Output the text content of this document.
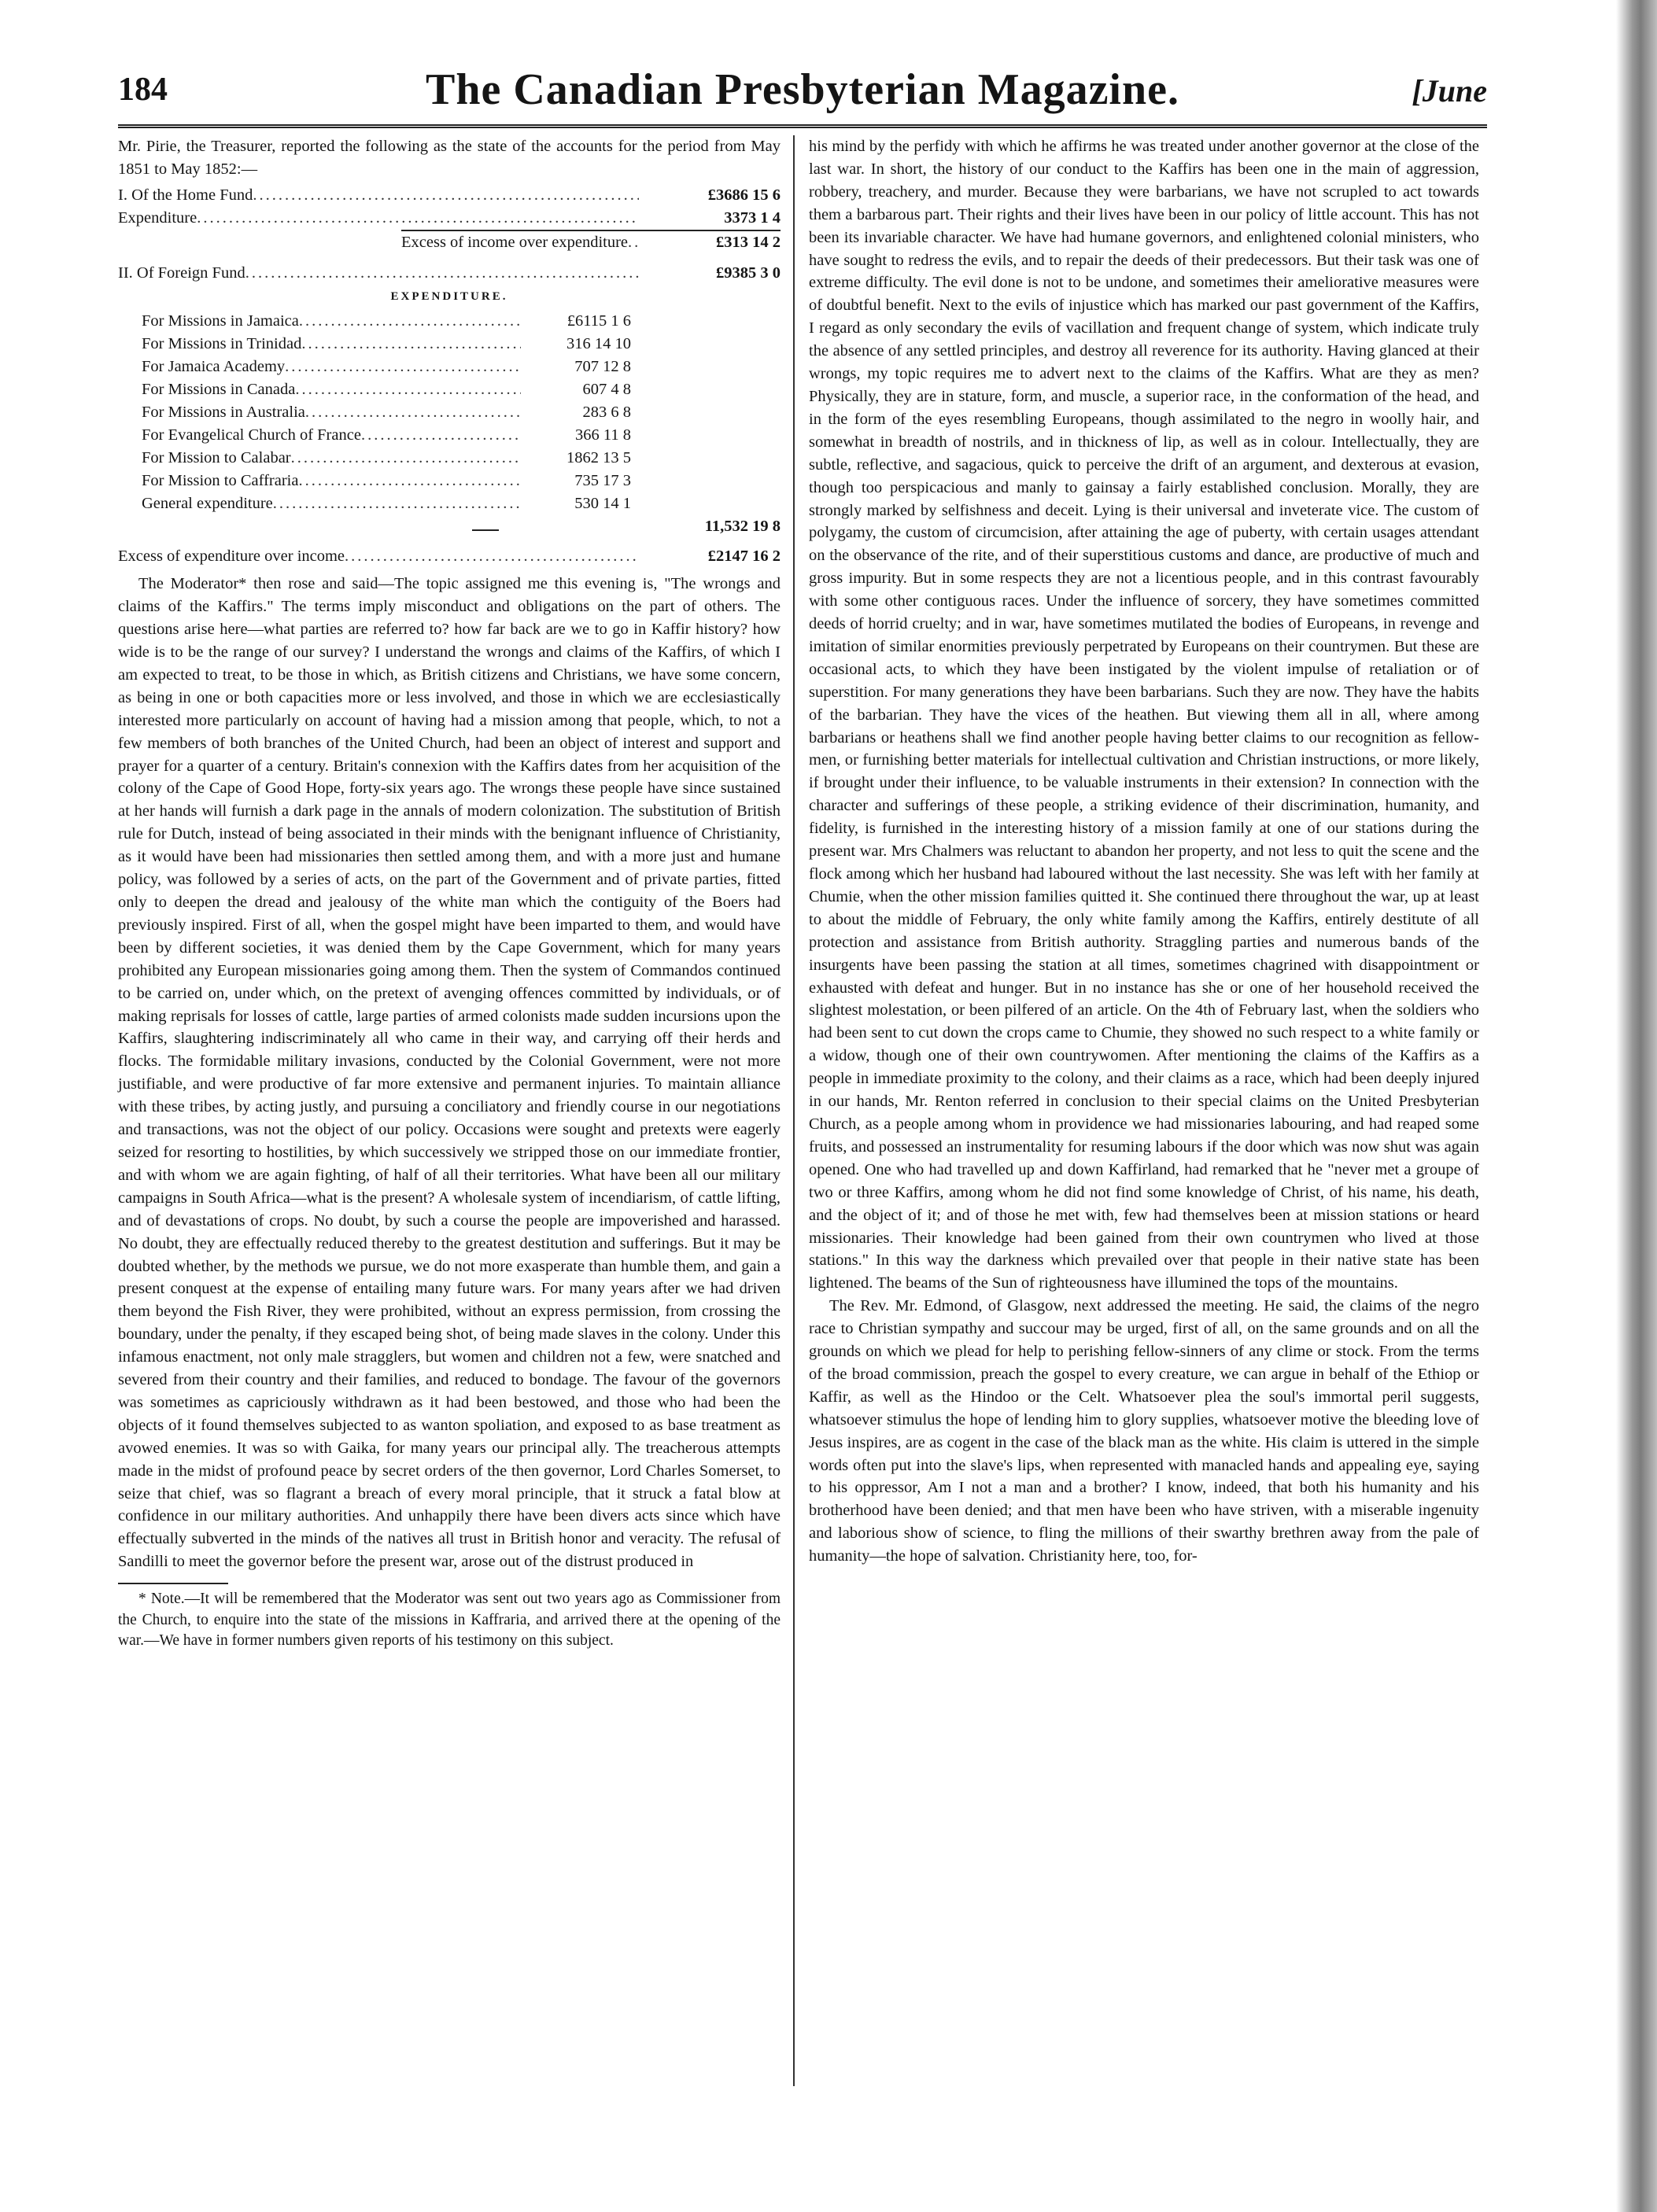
184	The Canadian Presbyterian Magazine.	[June

Mr. Pirie, the Treasurer, reported the following as the state of the accounts for the period from May 1851 to May 1852:—

I. Of the Home Fund .....	£3686 15 6
Expenditure .....	3373 1 4
Excess of income over expenditure .....	£313 14 2
II. Of Foreign Fund .....	£9385 3 0
EXPENDITURE.
For Missions in Jamaica .....	£6115 1 6
For Missions in Trinidad .....	316 14 10
For Jamaica Academy .....	707 12 8
For Missions in Canada .....	607 4 8
For Missions in Australia .....	283 6 8
For Evangelical Church of France .....	366 11 8
For Mission to Calabar .....	1862 13 5
For Mission to Caffraria .....	735 17 3
General expenditure .....	530 14 1
11,532 19 8
Excess of expenditure over income .....	£2147 16 2

The Moderator* then rose and said—The topic assigned me this evening is, "The wrongs and claims of the Kaffirs." The terms imply misconduct and obligations on the part of others. The questions arise here—what parties are referred to? how far back are we to go in Kaffir history? how wide is to be the range of our survey? I understand the wrongs and claims of the Kaffirs, of which I am expected to treat, to be those in which, as British citizens and Christians, we have some concern, as being in one or both capacities more or less involved, and those in which we are ecclesiastically interested more particularly on account of having had a mission among that people, which, to not a few members of both branches of the United Church, had been an object of interest and support and prayer for a quarter of a century. Britain's connexion with the Kaffirs dates from her acquisition of the colony of the Cape of Good Hope, forty-six years ago. The wrongs these people have since sustained at her hands will furnish a dark page in the annals of modern colonization. The substitution of British rule for Dutch, instead of being associated in their minds with the benignant influence of Christianity, as it would have been had missionaries then settled among them, and with a more just and humane policy, was followed by a series of acts, on the part of the Government and of private parties, fitted only to deepen the dread and jealousy of the white man which the contiguity of the Boers had previously inspired. First of all, when the gospel might have been imparted to them, and would have been by different societies, it was denied them by the Cape Government, which for many years prohibited any European missionaries going among them. Then the system of Commandos continued to be carried on, under which, on the pretext of avenging offences committed by individuals, or of making reprisals for losses of cattle, large parties of armed colonists made sudden incursions upon the Kaffirs, slaughtering indiscriminately all who came in their way, and carrying off their herds and flocks. The formidable military invasions, conducted by the Colonial Government, were not more justifiable, and were productive of far more extensive and permanent injuries. To maintain alliance with these tribes, by acting justly, and pursuing a conciliatory and friendly course in our negotiations and transactions, was not the object of our policy. Occasions were sought and pretexts were eagerly seized for resorting to hostilities, by which successively we stripped those on our immediate frontier, and with whom we are again fighting, of half of all their territories. What have been all our military campaigns in South Africa—what is the present? A wholesale system of incendiarism, of cattle lifting, and of devastations of crops. No doubt, by such a course the people are impoverished and harassed. No doubt, they are effectually reduced thereby to the greatest destitution and sufferings. But it may be doubted whether, by the methods we pursue, we do not more exasperate than humble them, and gain a present conquest at the expense of entailing many future wars. For many years after we had driven them beyond the Fish River, they were prohibited, without an express permission, from crossing the boundary, under the penalty, if they escaped being shot, of being made slaves in the colony. Under this infamous enactment, not only male stragglers, but women and children not a few, were snatched and severed from their country and their families, and reduced to bondage. The favour of the governors was sometimes as capriciously withdrawn as it had been bestowed, and those who had been the objects of it found themselves subjected to as wanton spoliation, and exposed to as base treatment as avowed enemies. It was so with Gaika, for many years our principal ally. The treacherous attempts made in the midst of profound peace by secret orders of the then governor, Lord Charles Somerset, to seize that chief, was so flagrant a breach of every moral principle, that it struck a fatal blow at confidence in our military authorities. And unhappily there have been divers acts since which have effectually subverted in the minds of the natives all trust in British honor and veracity. The refusal of Sandilli to meet the governor before the present war, arose out of the distrust produced in

* Note.—It will be remembered that the Moderator was sent out two years ago as Commissioner from the Church, to enquire into the state of the missions in Kaffraria, and arrived there at the opening of the war.—We have in former numbers given reports of his testimony on this subject.

his mind by the perfidy with which he affirms he was treated under another governor at the close of the last war. In short, the history of our conduct to the Kaffirs has been one in the main of aggression, robbery, treachery, and murder. Because they were barbarians, we have not scrupled to act towards them a barbarous part. Their rights and their lives have been in our policy of little account. This has not been its invariable character. We have had humane governors, and enlightened colonial ministers, who have sought to redress the evils, and to repair the deeds of their predecessors. But their task was one of extreme difficulty. The evil done is not to be undone, and sometimes their ameliorative measures were of doubtful benefit. Next to the evils of injustice which has marked our past government of the Kaffirs, I regard as only secondary the evils of vacillation and frequent change of system, which indicate truly the absence of any settled principles, and destroy all reverence for its authority. Having glanced at their wrongs, my topic requires me to advert next to the claims of the Kaffirs. What are they as men? Physically, they are in stature, form, and muscle, a superior race, in the conformation of the head, and in the form of the eyes resembling Europeans, though assimilated to the negro in woolly hair, and somewhat in breadth of nostrils, and in thickness of lip, as well as in colour. Intellectually, they are subtle, reflective, and sagacious, quick to perceive the drift of an argument, and dexterous at evasion, though too perspicacious and manly to gainsay a fairly established conclusion. Morally, they are strongly marked by selfishness and deceit. Lying is their universal and inveterate vice. The custom of polygamy, the custom of circumcision, after attaining the age of puberty, with certain usages attendant on the observance of the rite, and of their superstitious customs and dance, are productive of much and gross impurity. But in some respects they are not a licentious people, and in this contrast favourably with some other contiguous races. Under the influence of sorcery, they have sometimes committed deeds of horrid cruelty; and in war, have sometimes mutilated the bodies of Europeans, in revenge and imitation of similar enormities previously perpetrated by Europeans on their countrymen. But these are occasional acts, to which they have been instigated by the violent impulse of retaliation or of superstition. For many generations they have been barbarians. Such they are now. They have the habits of the barbarian. They have the vices of the heathen. But viewing them all in all, where among barbarians or heathens shall we find another people having better claims to our recognition as fellow-men, or furnishing better materials for intellectual cultivation and Christian instructions, or more likely, if brought under their influence, to be valuable instruments in their extension? In connection with the character and sufferings of these people, a striking evidence of their discrimination, humanity, and fidelity, is furnished in the interesting history of a mission family at one of our stations during the present war. Mrs Chalmers was reluctant to abandon her property, and not less to quit the scene and the flock among which her husband had laboured without the last necessity. She was left with her family at Chumie, when the other mission families quitted it. She continued there throughout the war, up at least to about the middle of February, the only white family among the Kaffirs, entirely destitute of all protection and assistance from British authority. Straggling parties and numerous bands of the insurgents have been passing the station at all times, sometimes chagrined with disappointment or exhausted with defeat and hunger. But in no instance has she or one of her household received the slightest molestation, or been pilfered of an article. On the 4th of February last, when the soldiers who had been sent to cut down the crops came to Chumie, they showed no such respect to a white family or a widow, though one of their own countrywomen. After mentioning the claims of the Kaffirs as a people in immediate proximity to the colony, and their claims as a race, which had been deeply injured in our hands, Mr. Renton referred in conclusion to their special claims on the United Presbyterian Church, as a people among whom in providence we had missionaries labouring, and had reaped some fruits, and possessed an instrumentality for resuming labours if the door which was now shut was again opened. One who had travelled up and down Kaffirland, had remarked that he "never met a groupe of two or three Kaffirs, among whom he did not find some knowledge of Christ, of his name, his death, and the object of it; and of those he met with, few had themselves been at mission stations or heard missionaries. Their knowledge had been gained from their own countrymen who lived at those stations." In this way the darkness which prevailed over that people in their native state has been lightened. The beams of the Sun of righteousness have illumined the tops of the mountains.

The Rev. Mr. Edmond, of Glasgow, next addressed the meeting. He said, the claims of the negro race to Christian sympathy and succour may be urged, first of all, on the same grounds and on all the grounds on which we plead for help to perishing fellow-sinners of any clime or stock. From the terms of the broad commission, preach the gospel to every creature, we can argue in behalf of the Ethiop or Kaffir, as well as the Hindoo or the Celt. Whatsoever plea the soul's immortal peril suggests, whatsoever stimulus the hope of lending him to glory supplies, whatsoever motive the bleeding love of Jesus inspires, are as cogent in the case of the black man as the white. His claim is uttered in the simple words often put into the slave's lips, when represented with manacled hands and appealing eye, saying to his oppressor, Am I not a man and a brother? I know, indeed, that both his humanity and his brotherhood have been denied; and that men have been who have striven, with a miserable ingenuity and laborious show of science, to fling the millions of their swarthy brethren away from the pale of humanity—the hope of salvation. Christianity here, too, for-
